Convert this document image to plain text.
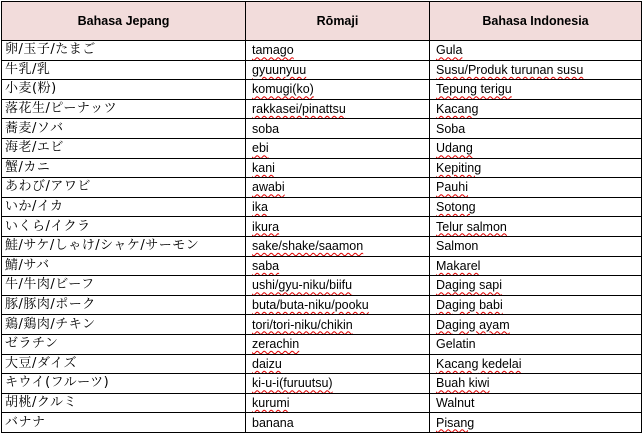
Bahasa Jepang	Rōmaji	Bahasa Indonesia
卵/玉子/たまご	tamago	Gula
牛乳/乳	gyuunyuu	Susu/Produk turunan susu
小麦(粉)	komugi(ko)	Tepung terigu
落花生/ピーナッツ	rakkasei/pinattsu	Kacang
蕎麦/ソバ	soba	Soba
海老/エビ	ebi	Udang
蟹/カニ	kani	Kepiting
あわび/アワビ	awabi	Pauhi
いか/イカ	ika	Sotong
いくら/イクラ	ikura	Telur salmon
鮭/サケ/しゃけ/シャケ/サーモン	sake/shake/saamon	Salmon
鯖/サバ	saba	Makarel
牛/牛肉/ビーフ	ushi/gyu-niku/biifu	Daging sapi
豚/豚肉/ポーク	buta/buta-niku/pooku	Daging babi
鶏/鶏肉/チキン	tori/tori-niku/chikin	Daging ayam
ゼラチン	zerachin	Gelatin
大豆/ダイズ	daizu	Kacang kedelai
キウイ(フルーツ)	ki-u-i(furuutsu)	Buah kiwi
胡桃/クルミ	kurumi	Walnut
バナナ	banana	Pisang
